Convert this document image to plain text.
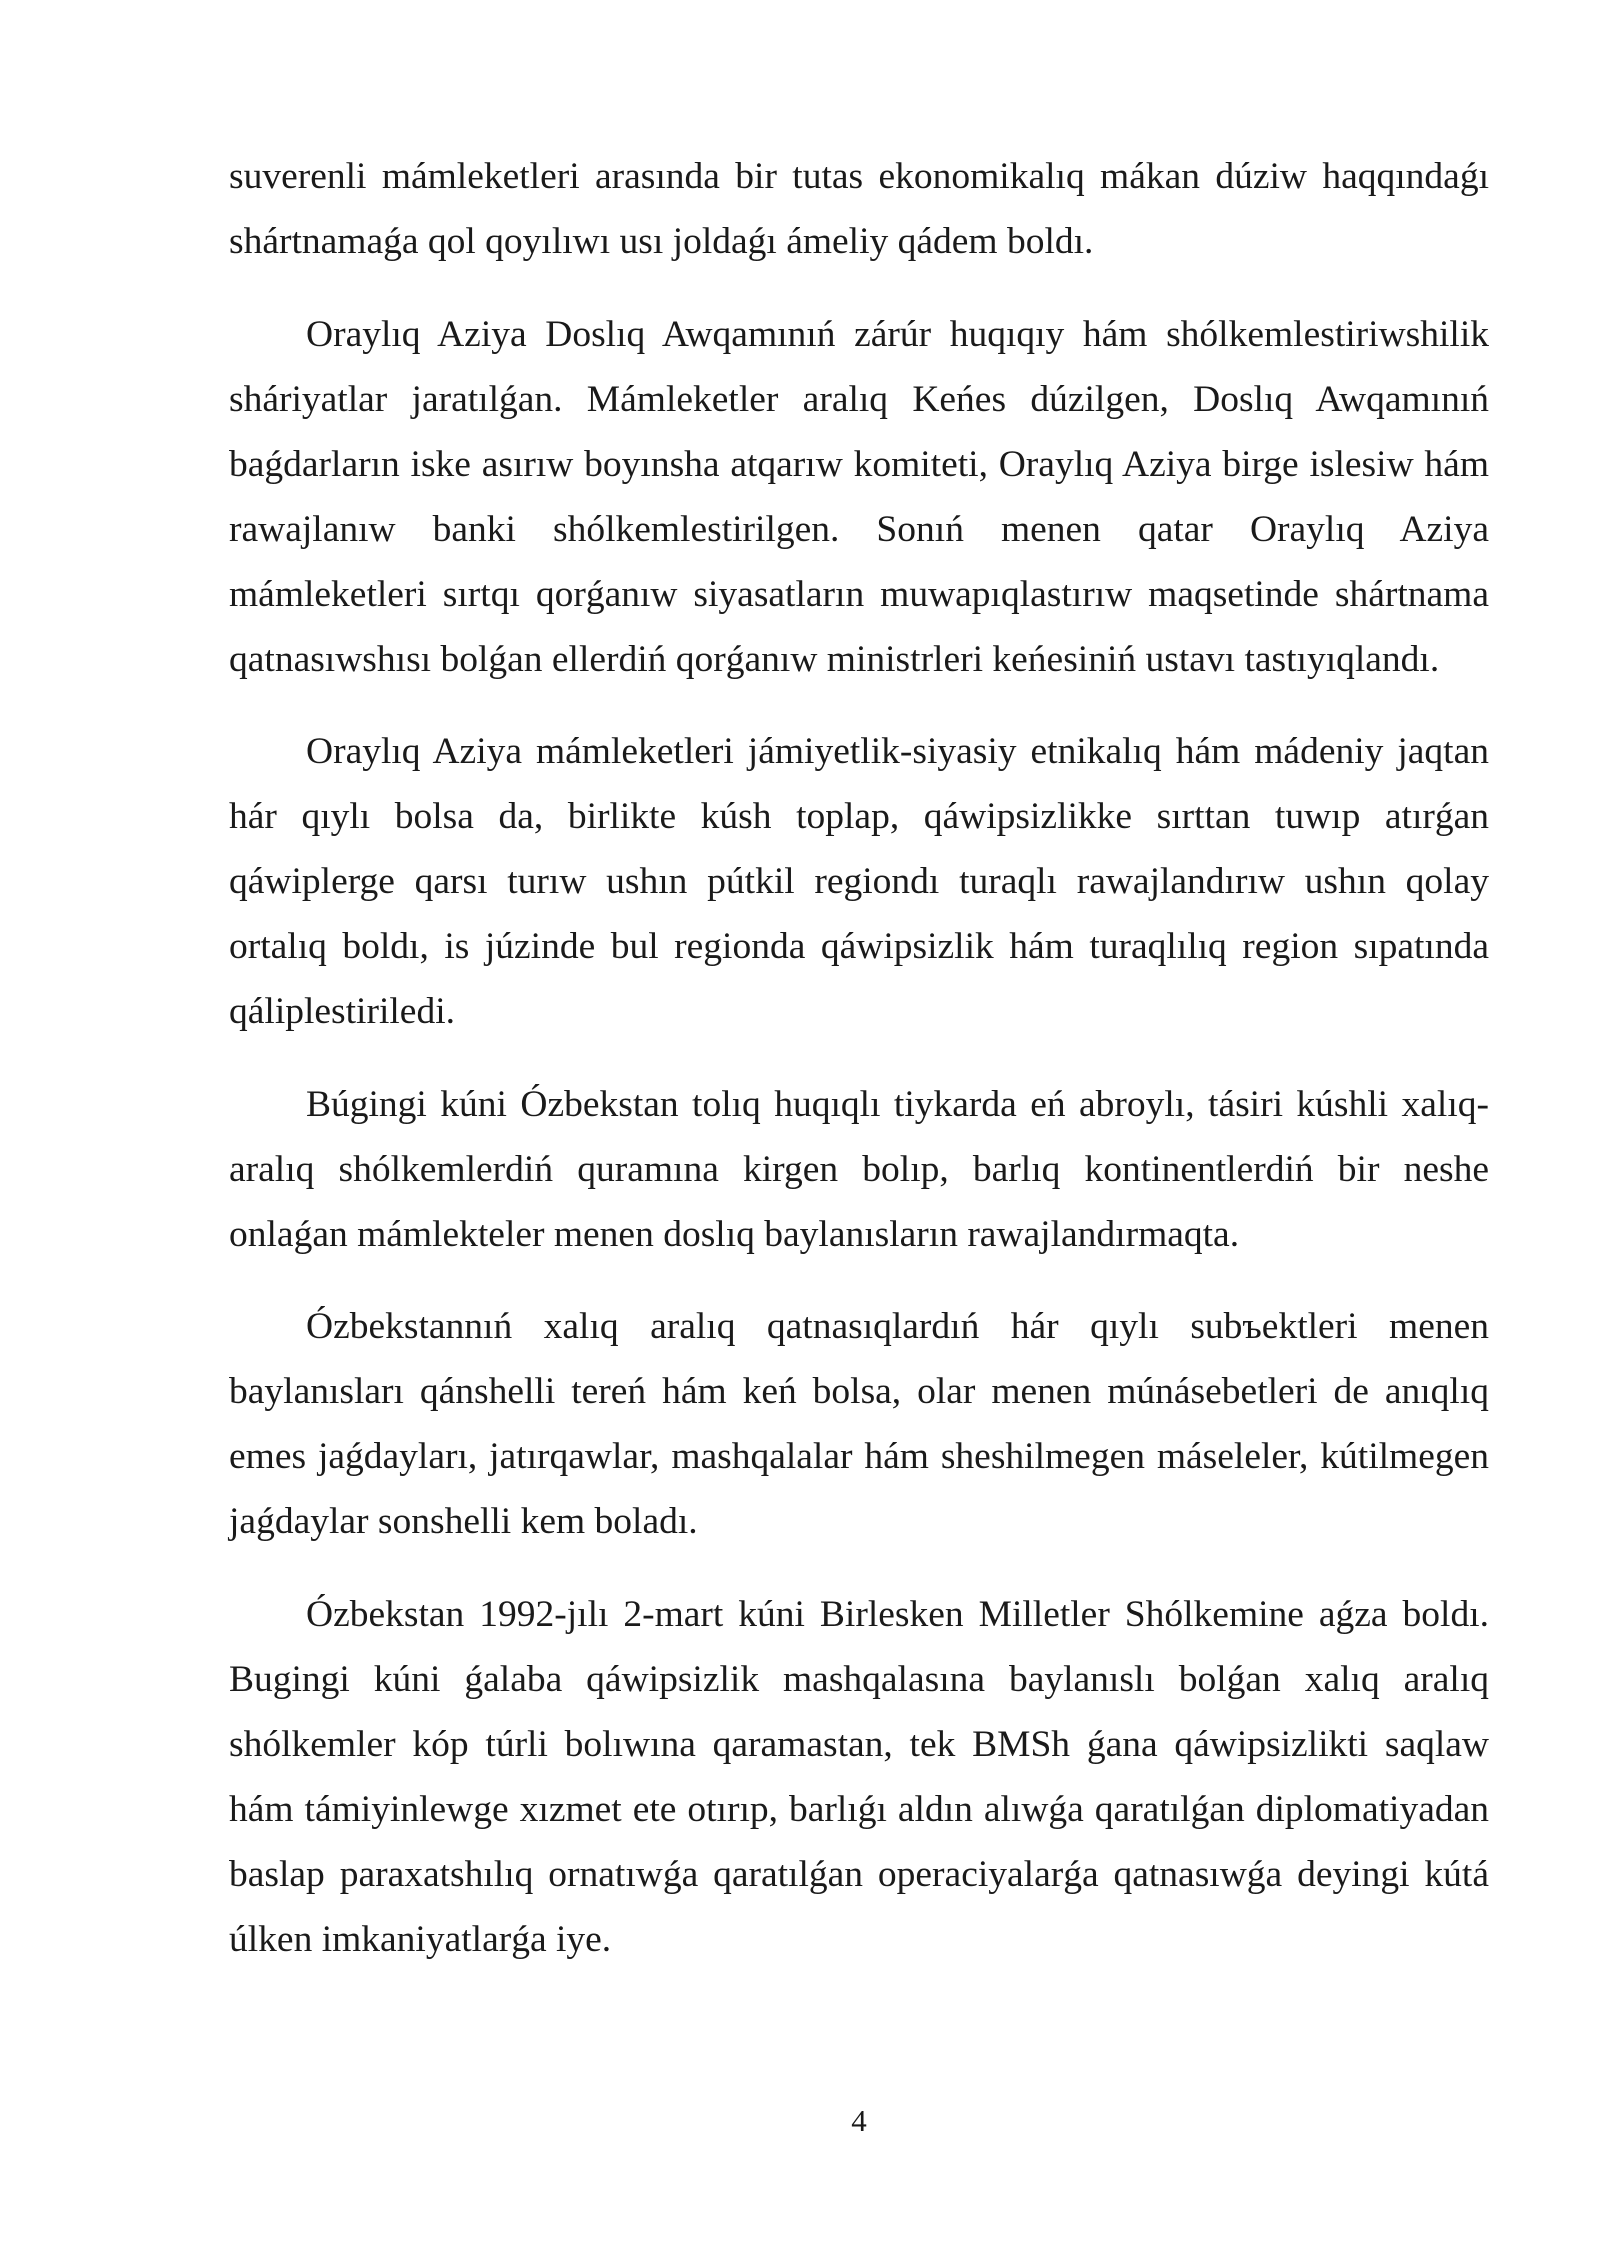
suverenli mámleketleri arasında bir tutas ekonomikalıq mákan dúziw haqqındaǵı shártnamaǵa qol qoyılıwı usı joldaǵı ámeliy qádem boldı.

Oraylıq Aziya Doslıq Awqamınıń zárúr huqıqıy hám shólkemlestiriwshilik sháriyatlar jaratılǵan. Mámleketler aralıq Keńes dúzilgen, Doslıq Awqamınıń baǵdarların iske asırıw boyınsha atqarıw komiteti, Oraylıq Aziya birge islesiw hám rawajlanıw banki shólkemlestirilgen. Sonıń menen qatar Oraylıq Aziya mámleketleri sırtqı qorǵanıw siyasatların muwapıqlastırıw maqsetinde shártnama qatnasıwshısı bolǵan ellerdiń qorǵanıw ministrleri keńesiniń ustavı tastıyıqlandı.

Oraylıq Aziya mámleketleri jámiyetlik-siyasiy etnikalıq hám mádeniy jaqtan hár qıylı bolsa da, birlikte kúsh toplap, qáwipsizlikke sırttan tuwıp atırǵan qáwiplerge qarsı turıw ushın pútkil regiondı turaqlı rawajlandırıw ushın qolay ortalıq boldı, is júzinde bul regionda qáwipsizlik hám turaqlılıq region sıpatında qáliplestiriledi.

Búgingi kúni Ózbekstan tolıq huqıqlı tiykarda eń abroylı, tásiri kúshli xalıq-aralıq shólkemlerdiń quramına kirgen bolıp, barlıq kontinentlerdiń bir neshe onlaǵan mámlekteler menen doslıq baylanısların rawajlandırmaqta.

Ózbekstannıń xalıq aralıq qatnasıqlardıń hár qıylı subъektleri menen baylanısları qánshelli tereń hám keń bolsa, olar menen múnásebetleri de anıqlıq emes jaǵdayları, jatırqawlar, mashqalalar hám sheshilmegen máseleler, kútilmegen jaǵdaylar sonshelli kem boladı.

Ózbekstan 1992-jılı 2-mart kúni Birlesken Milletler Shólkemine aǵza boldı. Bugingi kúni ǵalaba qáwipsizlik mashqalasına baylanıslı bolǵan xalıq aralıq shólkemler kóp túrli bolıwına qaramastan, tek BMSh ǵana qáwipsizlikti saqlaw hám támiyinlewge xızmet ete otırıp, barlıǵı aldın alıwǵa qaratılǵan diplomatiyadan baslap paraxatshılıq ornatıwǵa qaratılǵan operaciyalarǵa qatnasıwǵa deyingi kútá úlken imkaniyatlarǵa iye.

4
